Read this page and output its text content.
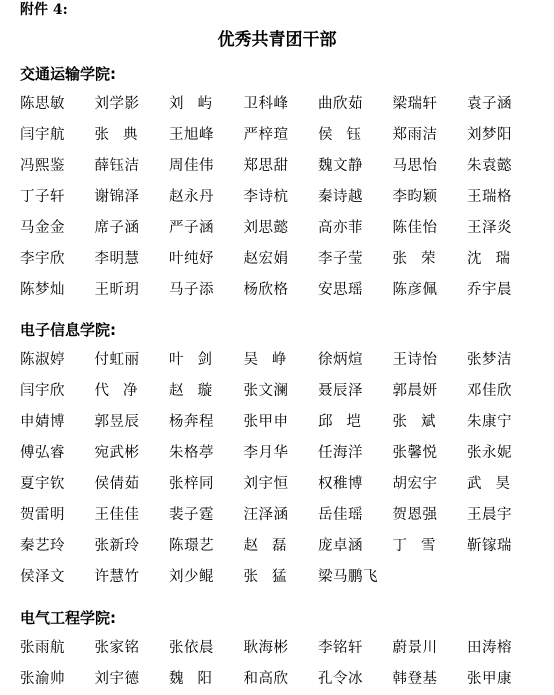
附件 4:
优秀共青团干部
交通运输学院:
陈思敏	刘学影	刘屿	卫科峰	曲欣茹	梁瑞轩	袁子涵
闫宇航	张典	王旭峰	严梓瑄	侯钰	郑雨洁	刘梦阳
冯熙鉴	薛钰洁	周佳伟	郑思甜	魏文静	马思怡	朱袁懿
丁子轩	谢锦泽	赵永丹	李诗杭	秦诗越	李昀颖	王瑞格
马金金	席子涵	严子涵	刘思懿	高亦菲	陈佳怡	王泽炎
李宇欣	李明慧	叶纯妤	赵宏娟	李子莹	张荣	沈瑞
陈梦灿	王昕玥	马子添	杨欣格	安思瑶	陈彦佩	乔宇晨
电子信息学院:
陈淑婷	付虹丽	叶剑	吴峥	徐炳煊	王诗怡	张梦洁
闫宇欣	代净	赵璇	张文澜	聂辰泽	郭晨妍	邓佳欣
申婧博	郭昱辰	杨奔程	张甲申	邱垲	张斌	朱康宁
傅弘睿	宛武彬	朱格葶	李月华	任海洋	张馨悦	张永妮
夏宇钦	侯倩茹	张梓同	刘宇恒	权稚博	胡宏宇	武昊
贺雷明	王佳佳	裴子霆	汪泽涵	岳佳瑶	贺恩强	王晨宇
秦艺玲	张新玲	陈璟艺	赵磊	庞卓涵	丁雪	靳镓瑞
侯泽文	许慧竹	刘少鲲	张猛	梁马鹏飞
电气工程学院:
张雨航	张家铭	张依晨	耿海彬	李铭轩	蔚景川	田涛榕
张渝帅	刘宇德	魏阳	和高欣	孔令冰	韩登基	张甲康
